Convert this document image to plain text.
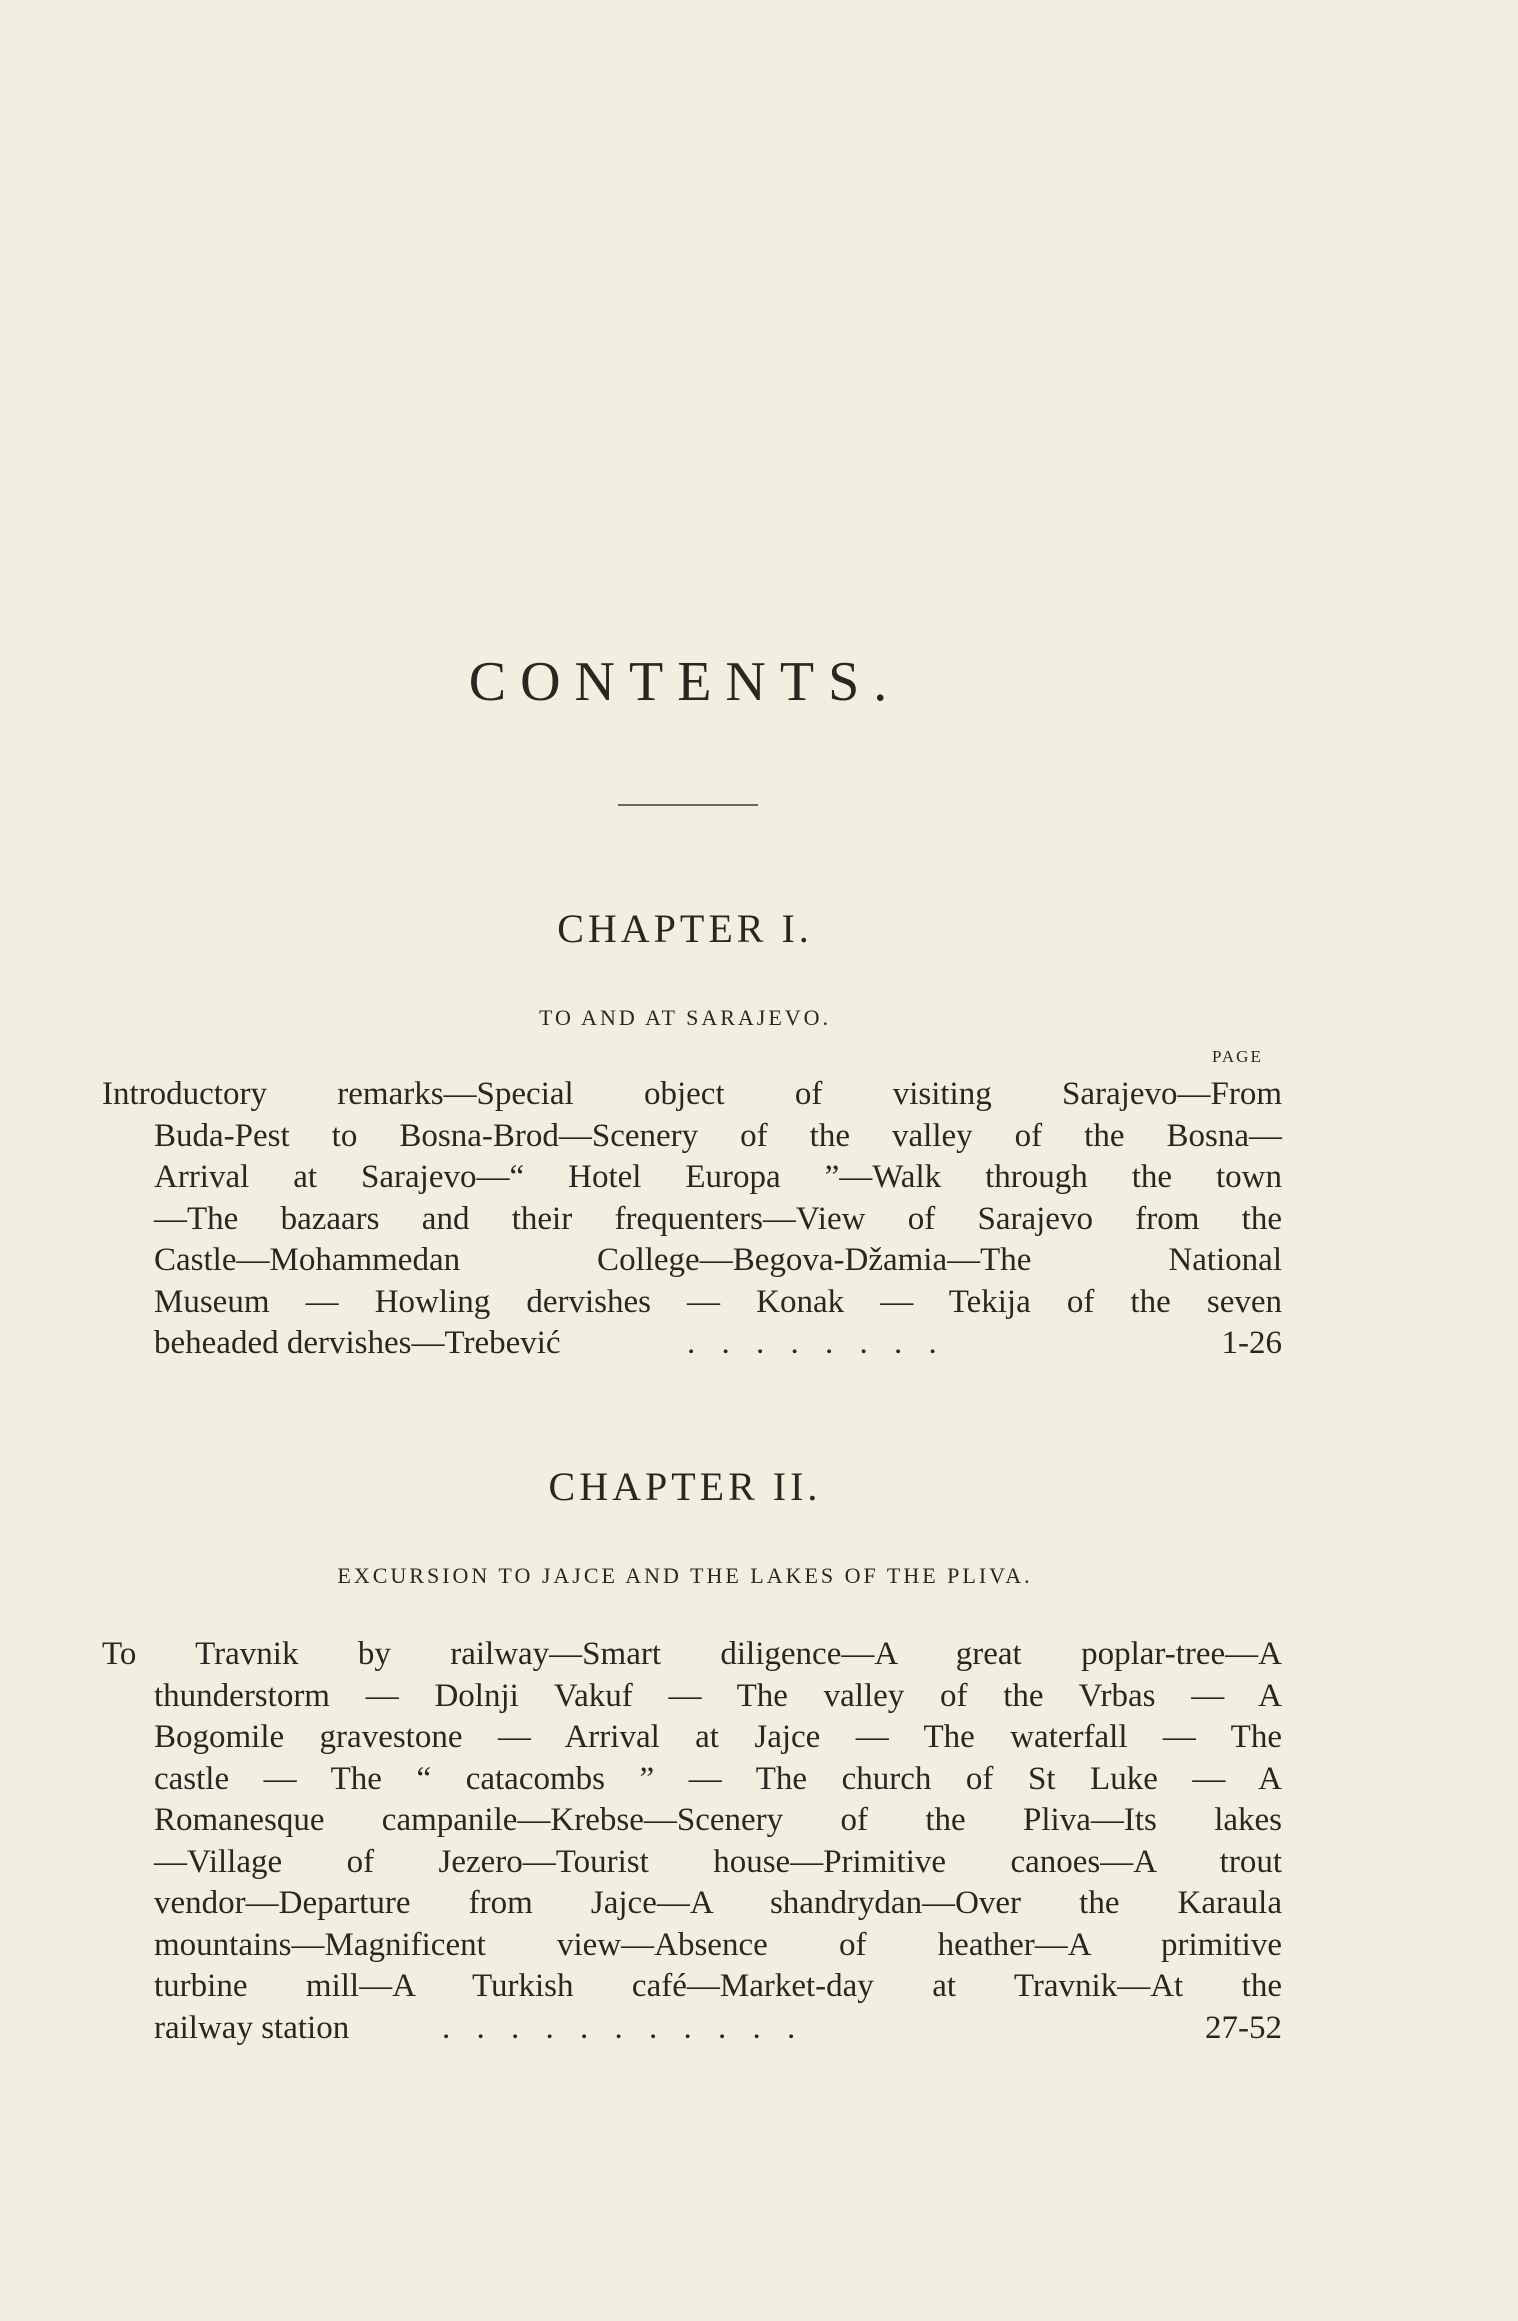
CONTENTS.
CHAPTER I.
TO AND AT SARAJEVO.
PAGE
Introductory remarks—Special object of visiting Sarajevo—From
Buda-Pest to Bosna-Brod—Scenery of the valley of the Bosna—
Arrival at Sarajevo—“ Hotel Europa ”—Walk through the town
—The bazaars and their frequenters—View of Sarajevo from the
Castle—Mohammedan College—Begova-Džamia—The National
Museum — Howling dervishes — Konak — Tekija of the seven
beheaded dervishes—Trebević	. . . . . . . .	1-26
CHAPTER II.
EXCURSION TO JAJCE AND THE LAKES OF THE PLIVA.
To Travnik by railway—Smart diligence—A great poplar-tree—A
thunderstorm — Dolnji Vakuf — The valley of the Vrbas — A
Bogomile gravestone — Arrival at Jajce — The waterfall — The
castle — The “ catacombs ” — The church of St Luke — A
Romanesque campanile—Krebse—Scenery of the Pliva—Its lakes
—Village of Jezero—Tourist house—Primitive canoes—A trout
vendor—Departure from Jajce—A shandrydan—Over the Karaula
mountains—Magnificent view—Absence of heather—A primitive
turbine mill—A Turkish café—Market-day at Travnik—At the
railway station	. . . . . . . . . . .	27-52
